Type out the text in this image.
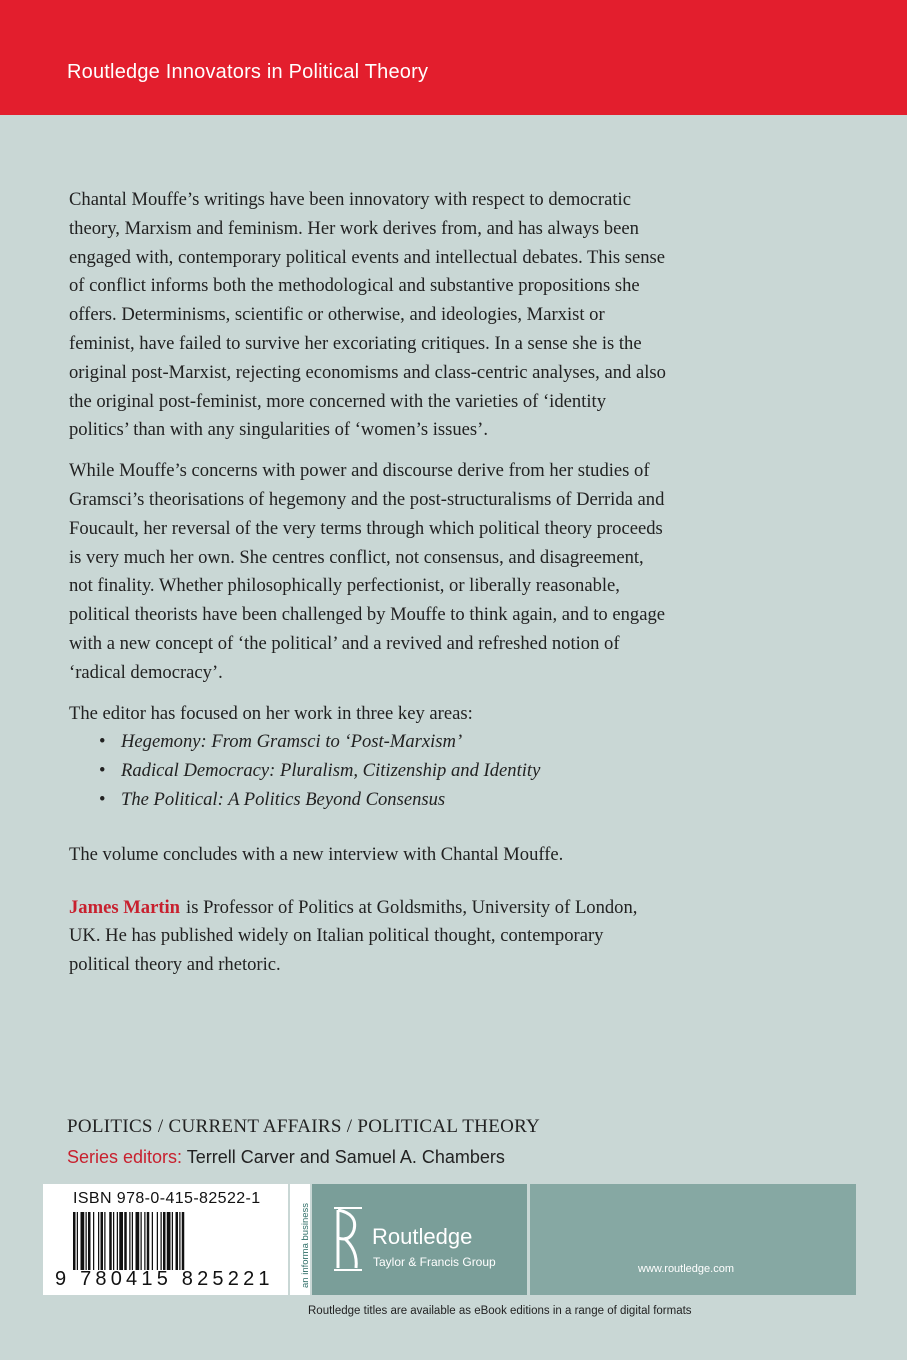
Routledge Innovators in Political Theory

Chantal Mouffe’s writings have been innovatory with respect to democratic theory, Marxism and feminism. Her work derives from, and has always been engaged with, contemporary political events and intellectual debates. This sense of conflict informs both the methodological and substantive propositions she offers. Determinisms, scientific or otherwise, and ideologies, Marxist or feminist, have failed to survive her excoriating critiques. In a sense she is the original post-Marxist, rejecting economisms and class-centric analyses, and also the original post-feminist, more concerned with the varieties of ‘identity politics’ than with any singularities of ‘women’s issues’.

While Mouffe’s concerns with power and discourse derive from her studies of Gramsci’s theorisations of hegemony and the post-structuralisms of Derrida and Foucault, her reversal of the very terms through which political theory proceeds is very much her own. She centres conflict, not consensus, and disagreement, not finality. Whether philosophically perfectionist, or liberally reasonable, political theorists have been challenged by Mouffe to think again, and to engage with a new concept of ‘the political’ and a revived and refreshed notion of ‘radical democracy’.

The editor has focused on her work in three key areas:

• Hegemony: From Gramsci to ‘Post-Marxism’
• Radical Democracy: Pluralism, Citizenship and Identity
• The Political: A Politics Beyond Consensus

The volume concludes with a new interview with Chantal Mouffe.

James Martin is Professor of Politics at Goldsmiths, University of London, UK. He has published widely on Italian political thought, contemporary political theory and rhetoric.

POLITICS / CURRENT AFFAIRS / POLITICAL THEORY
Series editors: Terrell Carver and Samuel A. Chambers
ISBN 978-0-415-82522-1
9 780415 825221	an informa business	Routledge
Taylor & Francis Group	www.routledge.com
Routledge titles are available as eBook editions in a range of digital formats
